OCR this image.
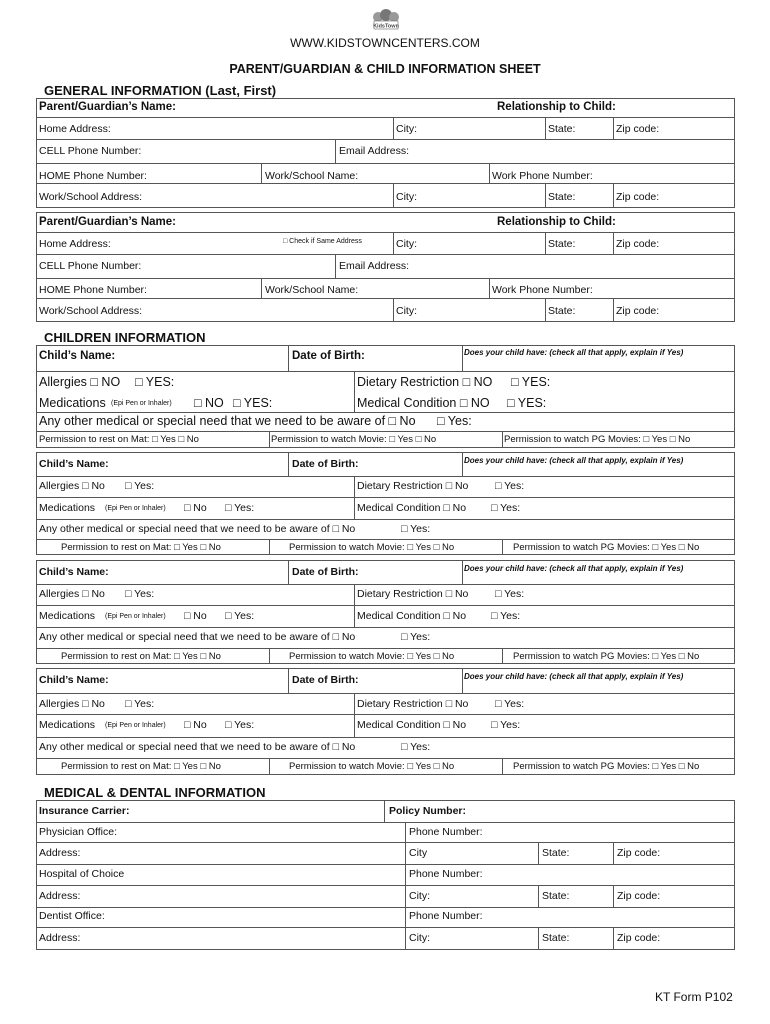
KidsTown
WWW.KIDSTOWNCENTERS.COM
PARENT/GUARDIAN & CHILD INFORMATION SHEET
GENERAL INFORMATION (Last, First)
Parent/Guardian’s Name:	Relationship to Child:
Home Address:	City:	State:	Zip code:
CELL Phone Number:	Email Address:
HOME Phone Number:	Work/School Name:	Work Phone Number:
Work/School Address:	City:	State:	Zip code:
Parent/Guardian’s Name:	Relationship to Child:
Home Address:	□ Check if Same Address	City:	State:	Zip code:
CELL Phone Number:	Email Address:
HOME Phone Number:	Work/School Name:	Work Phone Number:
Work/School Address:	City:	State:	Zip code:
CHILDREN INFORMATION
Child’s Name:	Date of Birth:	Does your child have: (check all that apply, explain if Yes)
Allergies □ NO □ YES:	Dietary Restriction □ NO □ YES:
Medications (Epi Pen or Inhaler) □ NO □ YES:	Medical Condition □ NO □ YES:
Any other medical or special need that we need to be aware of □ No □ Yes:
Permission to rest on Mat: □ Yes □ No	Permission to watch Movie: □ Yes □ No	Permission to watch PG Movies: □ Yes □ No
Child’s Name:	Date of Birth:	Does your child have: (check all that apply, explain if Yes)
Allergies □ No □ Yes:	Dietary Restriction □ No	□ Yes:
Medications (Epi Pen or Inhaler) □ No □ Yes:	Medical Condition □ No □ Yes:
Any other medical or special need that we need to be aware of □ No	□ Yes:
Permission to rest on Mat: □ Yes □ No	Permission to watch Movie: □ Yes □ No	Permission to watch PG Movies: □ Yes □ No
Child’s Name:	Date of Birth:	Does your child have: (check all that apply, explain if Yes)
Allergies □ No □ Yes:	Dietary Restriction □ No	□ Yes:
Medications (Epi Pen or Inhaler) □ No □ Yes:	Medical Condition □ No □ Yes:
Any other medical or special need that we need to be aware of □ No	□ Yes:
Permission to rest on Mat: □ Yes □ No	Permission to watch Movie: □ Yes □ No	Permission to watch PG Movies: □ Yes □ No
Child’s Name:	Date of Birth:	Does your child have: (check all that apply, explain if Yes)
Allergies □ No □ Yes:	Dietary Restriction □ No	□ Yes:
Medications (Epi Pen or Inhaler) □ No □ Yes:	Medical Condition □ No □ Yes:
Any other medical or special need that we need to be aware of □ No	□ Yes:
Permission to rest on Mat: □ Yes □ No	Permission to watch Movie: □ Yes □ No	Permission to watch PG Movies: □ Yes □ No
MEDICAL & DENTAL INFORMATION
Insurance Carrier:	Policy Number:
Physician Office:	Phone Number:
Address:	City	State:	Zip code:
Hospital of Choice	Phone Number:
Address:	City:	State:	Zip code:
Dentist Office:	Phone Number:
Address:	City:	State:	Zip code:
KT Form P102
